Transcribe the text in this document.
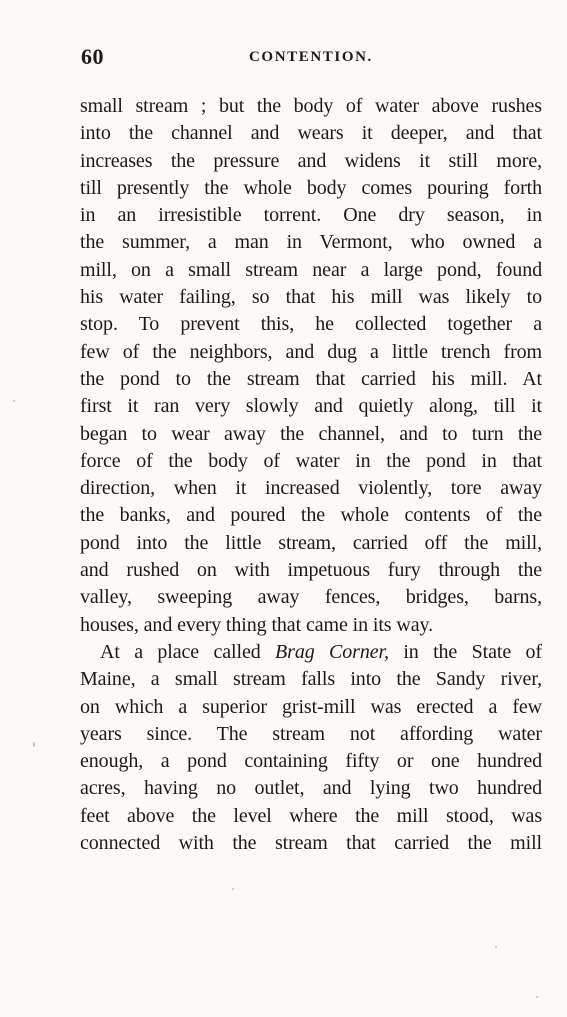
60	CONTENTION.
small stream ; but the body of water above rushes
into the channel and wears it deeper, and that
increases the pressure and widens it still more,
till presently the whole body comes pouring forth
in an irresistible torrent. One dry season, in
the summer, a man in Vermont, who owned a
mill, on a small stream near a large pond, found
his water failing, so that his mill was likely to
stop. To prevent this, he collected together a
few of the neighbors, and dug a little trench from
the pond to the stream that carried his mill. At
first it ran very slowly and quietly along, till it
began to wear away the channel, and to turn the
force of the body of water in the pond in that
direction, when it increased violently, tore away
the banks, and poured the whole contents of the
pond into the little stream, carried off the mill,
and rushed on with impetuous fury through the
valley, sweeping away fences, bridges, barns,
houses, and every thing that came in its way.
At a place called Brag Corner, in the State of
Maine, a small stream falls into the Sandy river,
on which a superior grist-mill was erected a few
years since. The stream not affording water
enough, a pond containing fifty or one hundred
acres, having no outlet, and lying two hundred
feet above the level where the mill stood, was
connected with the stream that carried the mill
